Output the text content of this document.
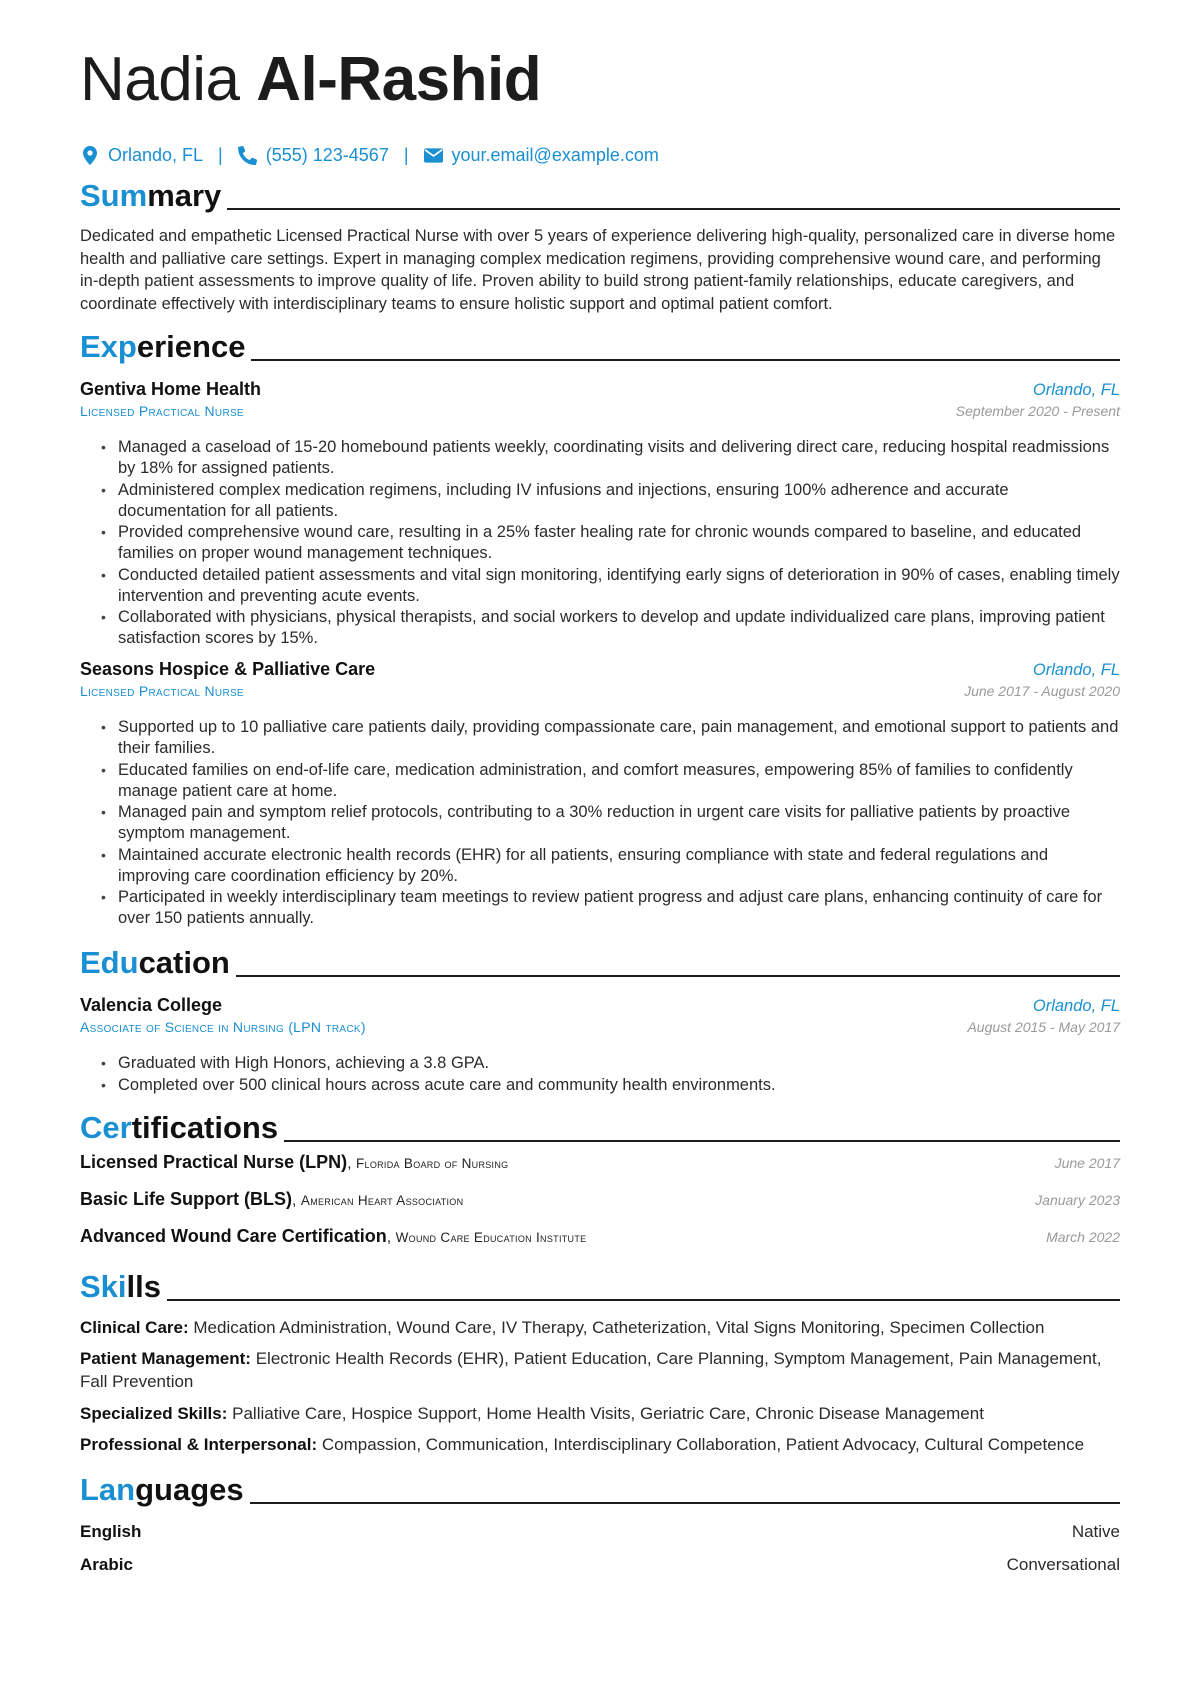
Nadia Al-Rashid
Orlando, FL | (555) 123-4567 | your.email@example.com
Summary

Dedicated and empathetic Licensed Practical Nurse with over 5 years of experience delivering high-quality, personalized care in diverse home health and palliative care settings. Expert in managing complex medication regimens, providing comprehensive wound care, and performing in-depth patient assessments to improve quality of life. Proven ability to build strong patient-family relationships, educate caregivers, and coordinate effectively with interdisciplinary teams to ensure holistic support and optimal patient comfort.

Experience
Gentiva Home Health	Orlando, FL
Licensed Practical Nurse	September 2020 - Present
• Managed a caseload of 15-20 homebound patients weekly, coordinating visits and delivering direct care, reducing hospital readmissions by 18% for assigned patients.
• Administered complex medication regimens, including IV infusions and injections, ensuring 100% adherence and accurate documentation for all patients.
• Provided comprehensive wound care, resulting in a 25% faster healing rate for chronic wounds compared to baseline, and educated families on proper wound management techniques.
• Conducted detailed patient assessments and vital sign monitoring, identifying early signs of deterioration in 90% of cases, enabling timely intervention and preventing acute events.
• Collaborated with physicians, physical therapists, and social workers to develop and update individualized care plans, improving patient satisfaction scores by 15%.
Seasons Hospice & Palliative Care	Orlando, FL
Licensed Practical Nurse	June 2017 - August 2020
• Supported up to 10 palliative care patients daily, providing compassionate care, pain management, and emotional support to patients and their families.
• Educated families on end-of-life care, medication administration, and comfort measures, empowering 85% of families to confidently manage patient care at home.
• Managed pain and symptom relief protocols, contributing to a 30% reduction in urgent care visits for palliative patients by proactive symptom management.
• Maintained accurate electronic health records (EHR) for all patients, ensuring compliance with state and federal regulations and improving care coordination efficiency by 20%.
• Participated in weekly interdisciplinary team meetings to review patient progress and adjust care plans, enhancing continuity of care for over 150 patients annually.
Education
Valencia College	Orlando, FL
Associate of Science in Nursing (LPN track)	August 2015 - May 2017
• Graduated with High Honors, achieving a 3.8 GPA.
• Completed over 500 clinical hours across acute care and community health environments.
Certifications
Licensed Practical Nurse (LPN), Florida Board of Nursing	June 2017
Basic Life Support (BLS), American Heart Association	January 2023
Advanced Wound Care Certification, Wound Care Education Institute	March 2022
Skills
Clinical Care: Medication Administration, Wound Care, IV Therapy, Catheterization, Vital Signs Monitoring, Specimen Collection
Patient Management: Electronic Health Records (EHR), Patient Education, Care Planning, Symptom Management, Pain Management, Fall Prevention
Specialized Skills: Palliative Care, Hospice Support, Home Health Visits, Geriatric Care, Chronic Disease Management
Professional & Interpersonal: Compassion, Communication, Interdisciplinary Collaboration, Patient Advocacy, Cultural Competence
Languages
English	Native
Arabic	Conversational
